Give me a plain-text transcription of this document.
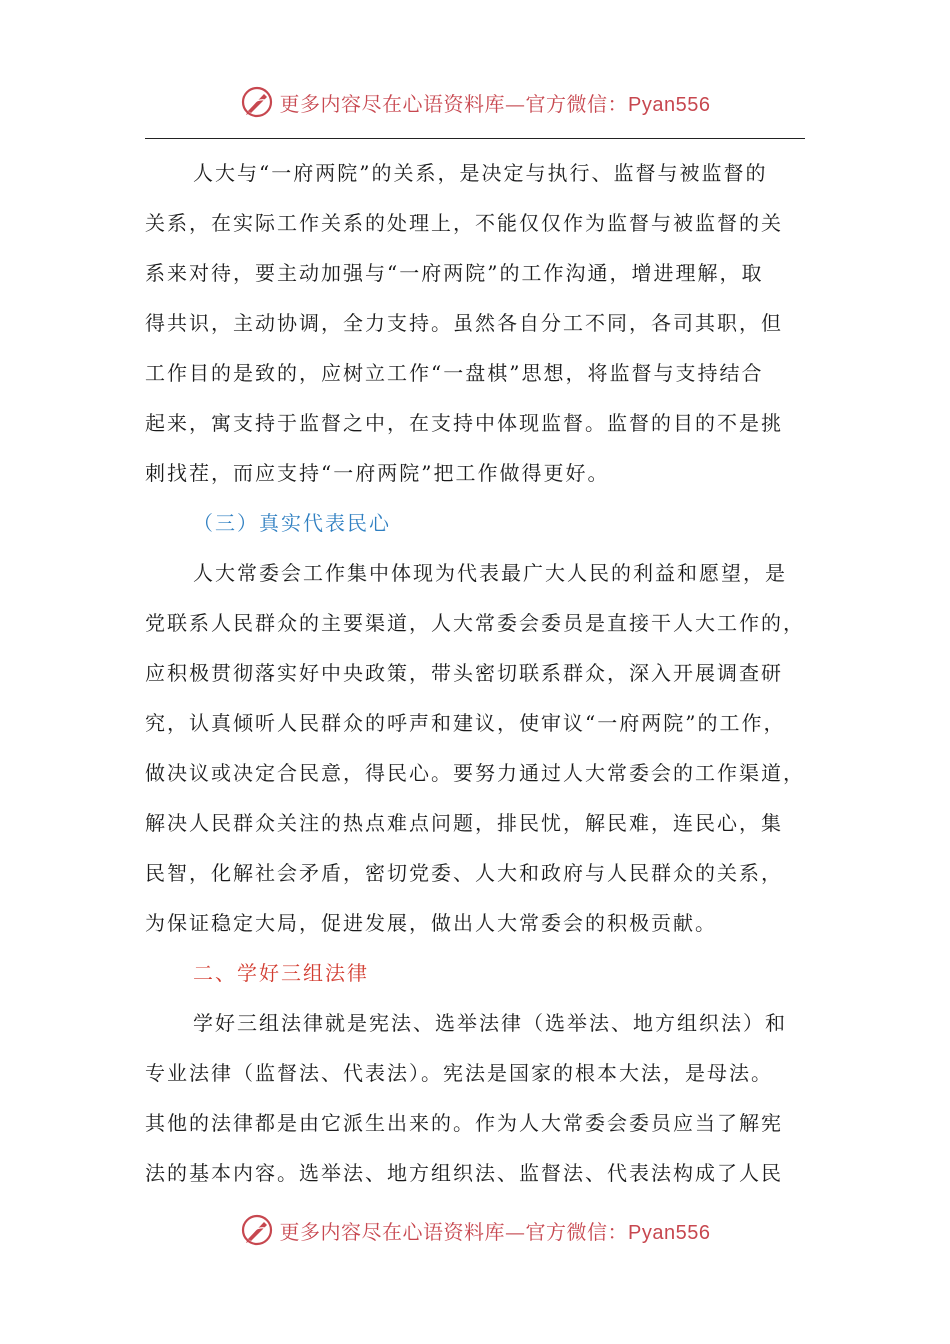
更多内容尽在心语资料库—官方微信：Pyan556
人大与“一府两院”的关系，是决定与执行、监督与被监督的
关系，在实际工作关系的处理上，不能仅仅作为监督与被监督的关
系来对待，要主动加强与“一府两院”的工作沟通，增进理解，取
得共识，主动协调，全力支持。虽然各自分工不同，各司其职，但
工作目的是致的，应树立工作“一盘棋”思想，将监督与支持结合
起来，寓支持于监督之中，在支持中体现监督。监督的目的不是挑
刺找茬，而应支持“一府两院”把工作做得更好。
（三）真实代表民心
人大常委会工作集中体现为代表最广大人民的利益和愿望，是
党联系人民群众的主要渠道，人大常委会委员是直接干人大工作的，
应积极贯彻落实好中央政策，带头密切联系群众，深入开展调查研
究，认真倾听人民群众的呼声和建议，使审议“一府两院”的工作，
做决议或决定合民意，得民心。要努力通过人大常委会的工作渠道，
解决人民群众关注的热点难点问题，排民忧，解民难，连民心，集
民智，化解社会矛盾，密切党委、人大和政府与人民群众的关系，
为保证稳定大局，促进发展，做出人大常委会的积极贡献。
二、学好三组法律
学好三组法律就是宪法、选举法律（选举法、地方组织法）和
专业法律（监督法、代表法）。宪法是国家的根本大法，是母法。
其他的法律都是由它派生出来的。作为人大常委会委员应当了解宪
法的基本内容。选举法、地方组织法、监督法、代表法构成了人民
更多内容尽在心语资料库—官方微信：Pyan556
